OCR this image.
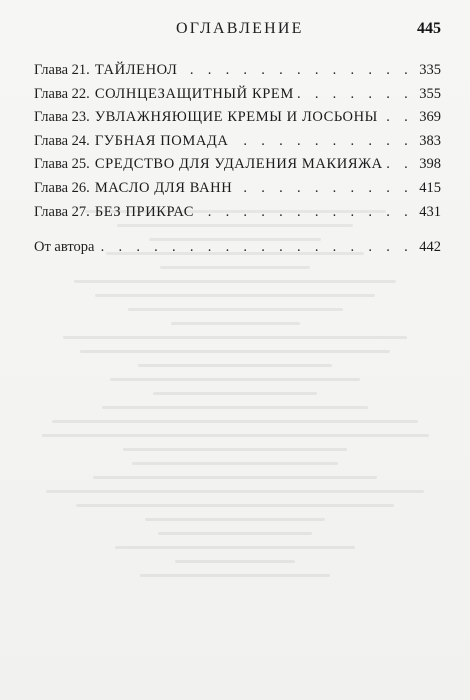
ОГЛАВЛЕНИЕ	445
Глава 21. ТАЙЛЕНОЛ . . .	335
Глава 22. СОЛНЦЕЗАЩИТНЫЙ КРЕМ . . .	355
Глава 23. УВЛАЖНЯЮЩИЕ КРЕМЫ И ЛОСЬОНЫ . . .	369
Глава 24. ГУБНАЯ ПОМАДА . . .	383
Глава 25. СРЕДСТВО ДЛЯ УДАЛЕНИЯ МАКИЯЖА . . .	398
Глава 26. МАСЛО ДЛЯ ВАНН . . .	415
Глава 27. БЕЗ ПРИКРАС . . .	431
От автора . . .	442
